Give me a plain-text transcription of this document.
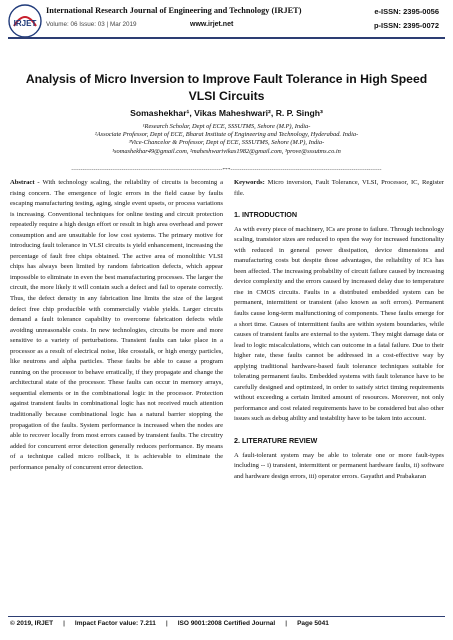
IRJET
International Research Journal of Engineering and Technology (IRJET)	e-ISSN: 2395-0056
Volume: 06 Issue: 03 | Mar 2019	www.irjet.net	p-ISSN: 2395-0072
Analysis of Micro Inversion to Improve Fault Tolerance in High Speed
VLSI Circuits
Somashekhar¹, Vikas Maheshwari², R. P. Singh³
¹Research Scholar, Dept of ECE, SSSUTMS, Sehore (M.P), India-
²Associate Professor, Dept of ECE, Bharat Institute of Engineering and Technology, Hyderabad. India-
³Vice-Chancelor & Professor, Dept of ECE, SSSUTMS, Sehore (M.P), India-
¹somashekhar49@gmail.com, ²maheshwarivikas1982@gmail.com, ³prove@sssutms.co.in
---------------------------------------------------------------------------------***---------------------------------------------------------------------------------

Abstract - With technology scaling, the reliability of circuits is becoming a rising concern. The emergence of logic errors in the field cause by faults escaping manufacturing testing, aging, single event upsets, or process variations is increasing. Conventional techniques for online testing and circuit protection repeatedly require a high design effort or result in high area overhead and power consumption and are unsuitable for low cost systems. The primary motive for introducing fault tolerance in VLSI circuits is yield enhancement, increasing the percentage of fault free chips obtained. The active area of monolithic VLSI chips has always been limited by random fabrication defects, which appear impossible to eliminate in even the best manufacturing processes. The larger the circuit, the more likely it will contain such a defect and fail to operate correctly. Thus, the defect density in any fabrication line limits the size of the largest defect free chip producible with commercially viable yields. Larger circuits demand a fault tolerance capability to overcome fabrication defects while avoiding unreasonable costs. In new technologies, circuits be more and more sensitive to a variety of perturbations. Transient faults can take place in a processor as a result of electrical noise, like crosstalk, or high energy particles, like neutrons and alpha particles. These faults be able to cause a program running on the processor to behave erratically, if they propagate and change the architectural state of the processor. These faults can occur in memory arrays, sequential elements or in the combinational logic in the processor. Protection against transient faults in combinational logic has not received much attention traditionally because combinational logic has a natural barrier stopping the propagation of the faults. System performance is increased when the nodes are able to recover locally from most errors caused by transient faults. The circuitry added for concurrent error detection generally reduces performance. By means of a technique called micro rollback, it is achievable to eliminate the performance penalty of concurrent error detection.

Keywords: Micro inversion, Fault Tolerance, VLSI, Processor, IC, Register file.

1. INTRODUCTION

As with every piece of machinery, ICs are prone to failure. Through technology scaling, transistor sizes are reduced to open the way for increased functionality with reduced in general power dissipation, device dimensions and manufacturing costs but despite those advantages, the reliability of ICs has been affected. The increasing probability of circuit failure caused by increasing device complexity and the errors caused by increased delay due to temperature rise in CMOS circuits. Faults in a distributed embedded system can be permanent, intermittent or transient (also known as soft errors). Permanent faults cause long-term malfunctioning of components. These faults emerge for a short time. Causes of intermittent faults are within system boundaries, while causes of transient faults are external to the system. They might damage data or lead to logic miscalculations, which can outcome in a fatal failure. Due to their higher rate, these faults cannot be addressed in a cost-effective way by applying traditional hardware-based fault tolerance techniques suitable for tolerating permanent faults. Embedded systems with fault tolerance have to be carefully designed and optimized, in order to satisfy strict timing requirements without exceeding a certain limited amount of resources. Moreover, not only performance and cost related requirements have to be considered but also other issues such as debug ability and testability have to be taken into account.

2. LITERATURE REVIEW

A fault-tolerant system may be able to tolerate one or more fault-types including -- i) transient, intermittent or permanent hardware faults, ii) software and hardware design errors, iii) operator errors. Gayathri and Prabakaran

© 2019, IRJET | Impact Factor value: 7.211 | ISO 9001:2008 Certified Journal | Page 5041
